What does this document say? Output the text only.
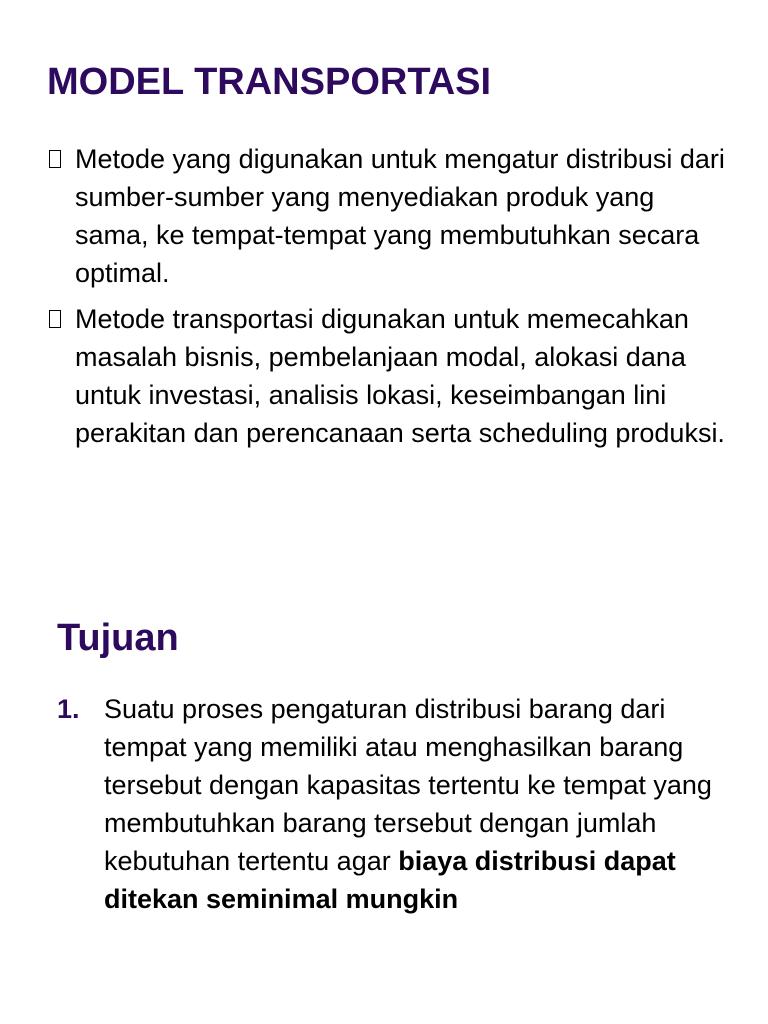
MODEL TRANSPORTASI
Metode yang digunakan untuk mengatur distribusi dari sumber-sumber yang menyediakan produk yang sama, ke tempat-tempat yang membutuhkan secara optimal.
Metode transportasi digunakan untuk memecahkan masalah bisnis, pembelanjaan modal, alokasi dana untuk investasi, analisis lokasi, keseimbangan lini perakitan dan perencanaan serta scheduling produksi.
Tujuan
1. Suatu proses pengaturan distribusi barang dari tempat yang memiliki atau menghasilkan barang tersebut dengan kapasitas tertentu ke tempat yang membutuhkan barang tersebut dengan jumlah kebutuhan tertentu agar biaya distribusi dapat ditekan seminimal mungkin
